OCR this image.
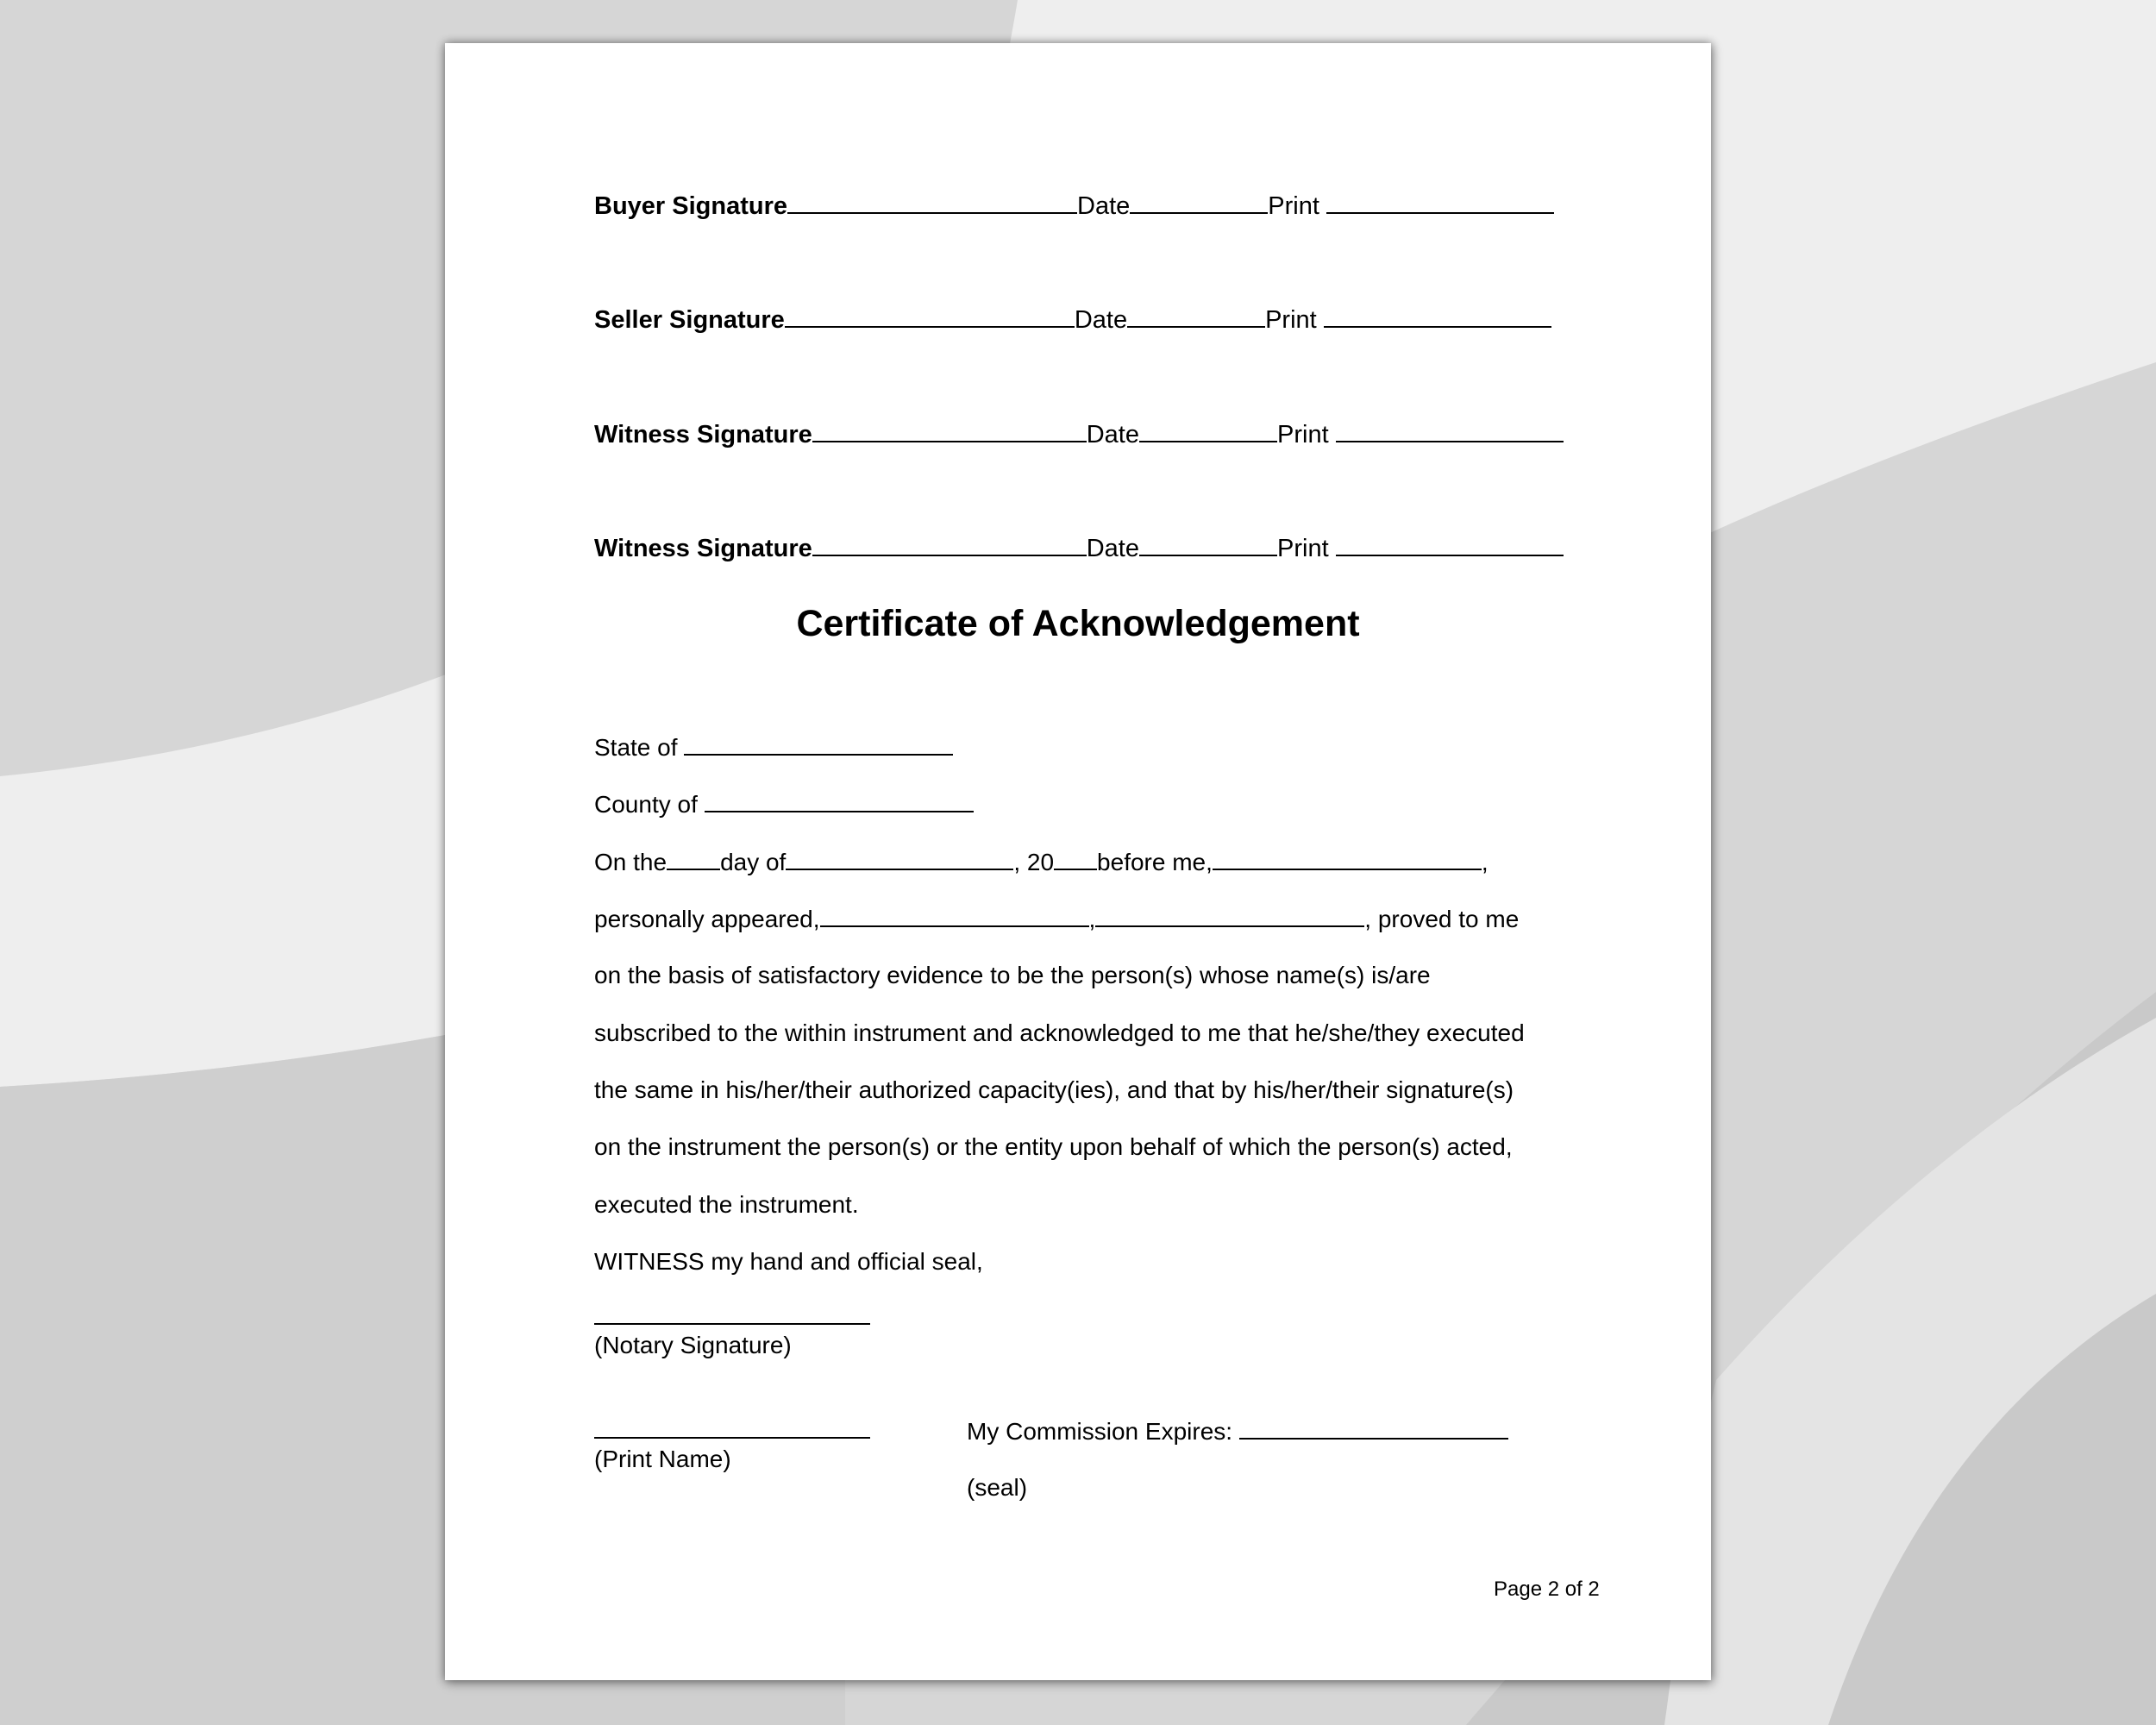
Buyer Signature	Date	Print
Seller Signature	Date	Print
Witness Signature	Date	Print
Witness Signature	Date	Print
Certificate of Acknowledgement
State of
County of
On the day of	, 20 before me,	,
personally appeared,	,	, proved to me
on the basis of satisfactory evidence to be the person(s) whose name(s) is/are
subscribed to the within instrument and acknowledged to me that he/she/they executed
the same in his/her/their authorized capacity(ies), and that by his/her/their signature(s)
on the instrument the person(s) or the entity upon behalf of which the person(s) acted,
executed the instrument.
WITNESS my hand and official seal,
(Notary Signature)
(Print Name)
My Commission Expires:
(seal)
Page 2 of 2
